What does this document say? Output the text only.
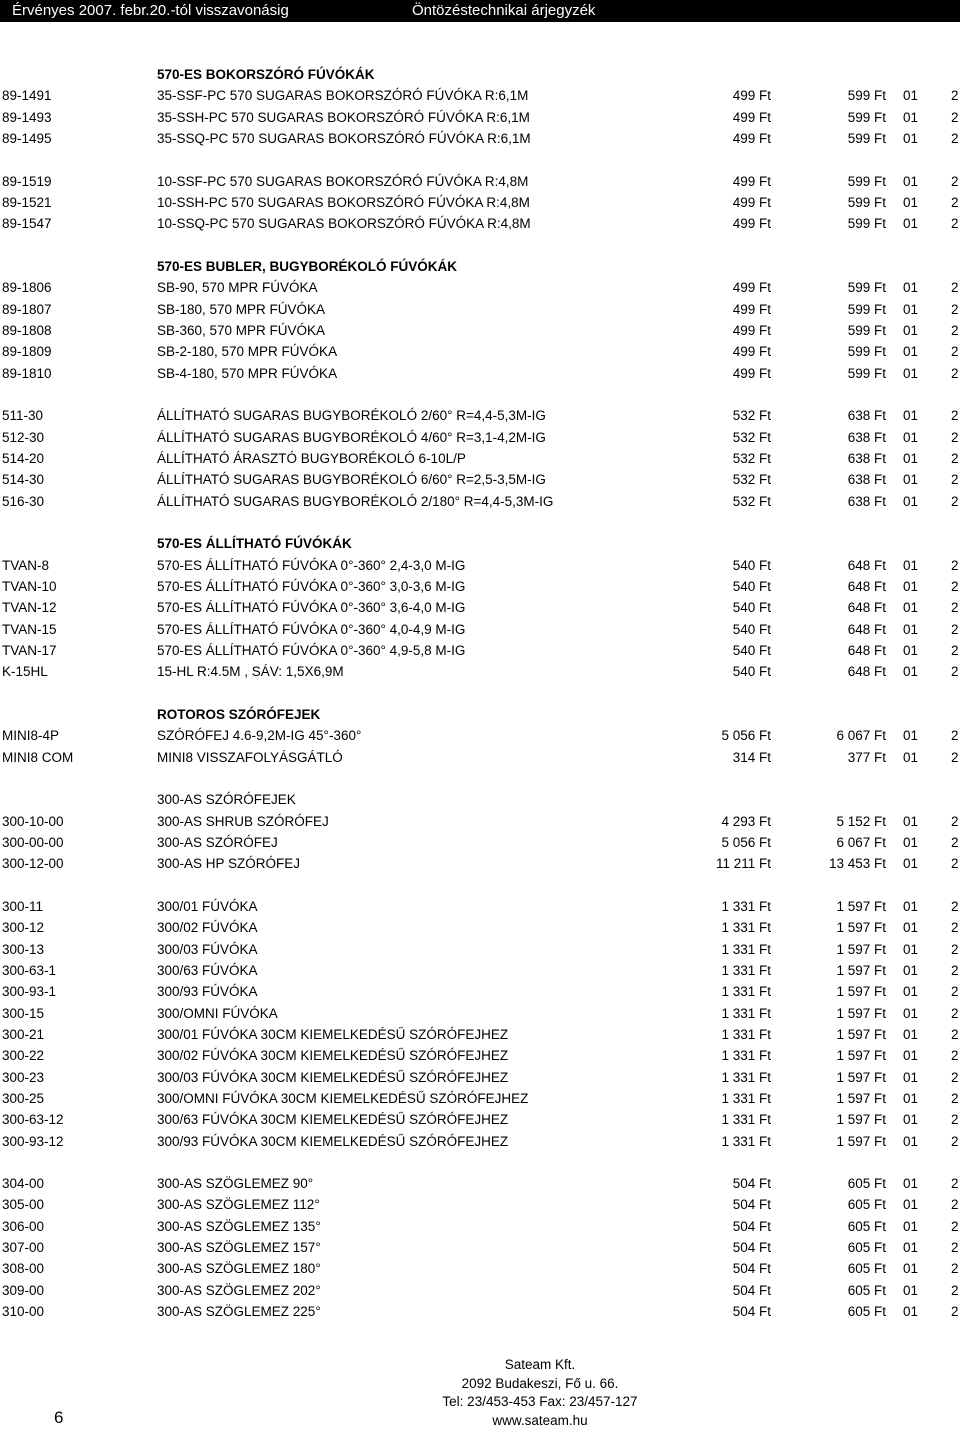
Érvényes 2007. febr.20.-tól visszavonásig	Öntözéstechnikai árjegyzék
570-ES BOKORSZÓRÓ FÚVÓKÁK
89-1491	35-SSF-PC 570 SUGARAS BOKORSZÓRÓ FÚVÓKA R:6,1M	499 Ft	599 Ft 01 2
89-1493	35-SSH-PC 570 SUGARAS BOKORSZÓRÓ FÚVÓKA R:6,1M	499 Ft	599 Ft 01 2
89-1495	35-SSQ-PC 570 SUGARAS BOKORSZÓRÓ FÚVÓKA R:6,1M	499 Ft	599 Ft 01 2
89-1519	10-SSF-PC 570 SUGARAS BOKORSZÓRÓ FÚVÓKA R:4,8M	499 Ft	599 Ft 01 2
89-1521	10-SSH-PC 570 SUGARAS BOKORSZÓRÓ FÚVÓKA R:4,8M	499 Ft	599 Ft 01 2
89-1547	10-SSQ-PC 570 SUGARAS BOKORSZÓRÓ FÚVÓKA R:4,8M	499 Ft	599 Ft 01 2
570-ES BUBLER, BUGYBORÉKOLÓ FÚVÓKÁK
89-1806	SB-90, 570 MPR FÚVÓKA	499 Ft	599 Ft 01 2
89-1807	SB-180, 570 MPR FÚVÓKA	499 Ft	599 Ft 01 2
89-1808	SB-360, 570 MPR FÚVÓKA	499 Ft	599 Ft 01 2
89-1809	SB-2-180, 570 MPR FÚVÓKA	499 Ft	599 Ft 01 2
89-1810	SB-4-180, 570 MPR FÚVÓKA	499 Ft	599 Ft 01 2
511-30	ÁLLÍTHATÓ SUGARAS BUGYBORÉKOLÓ 2/60° R=4,4-5,3M-IG	532 Ft	638 Ft 01 2
512-30	ÁLLÍTHATÓ SUGARAS BUGYBORÉKOLÓ 4/60° R=3,1-4,2M-IG	532 Ft	638 Ft 01 2
514-20	ÁLLÍTHATÓ ÁRASZTÓ BUGYBORÉKOLÓ 6-10L/P	532 Ft	638 Ft 01 2
514-30	ÁLLÍTHATÓ SUGARAS BUGYBORÉKOLÓ 6/60° R=2,5-3,5M-IG	532 Ft	638 Ft 01 2
516-30	ÁLLÍTHATÓ SUGARAS BUGYBORÉKOLÓ 2/180° R=4,4-5,3M-IG	532 Ft	638 Ft 01 2
570-ES ÁLLÍTHATÓ FÚVÓKÁK
TVAN-8	570-ES ÁLLÍTHATÓ FÚVÓKA 0°-360° 2,4-3,0 M-IG	540 Ft	648 Ft 01 2
TVAN-10	570-ES ÁLLÍTHATÓ FÚVÓKA 0°-360° 3,0-3,6 M-IG	540 Ft	648 Ft 01 2
TVAN-12	570-ES ÁLLÍTHATÓ FÚVÓKA 0°-360° 3,6-4,0 M-IG	540 Ft	648 Ft 01 2
TVAN-15	570-ES ÁLLÍTHATÓ FÚVÓKA 0°-360° 4,0-4,9 M-IG	540 Ft	648 Ft 01 2
TVAN-17	570-ES ÁLLÍTHATÓ FÚVÓKA 0°-360° 4,9-5,8 M-IG	540 Ft	648 Ft 01 2
K-15HL	15-HL R:4.5M , SÁV: 1,5X6,9M	540 Ft	648 Ft 01 2
ROTOROS SZÓRÓFEJEK
MINI8-4P	SZÓRÓFEJ 4.6-9,2M-IG 45°-360°	5 056 Ft	6 067 Ft 01 2
MINI8 COM	MINI8 VISSZAFOLYÁSGÁTLÓ	314 Ft	377 Ft 01 2
300-AS SZÓRÓFEJEK
300-10-00	300-AS SHRUB SZÓRÓFEJ	4 293 Ft	5 152 Ft 01 2
300-00-00	300-AS SZÓRÓFEJ	5 056 Ft	6 067 Ft 01 2
300-12-00	300-AS HP SZÓRÓFEJ	11 211 Ft	13 453 Ft 01 2
300-11	300/01 FÚVÓKA	1 331 Ft	1 597 Ft 01 2
300-12	300/02 FÚVÓKA	1 331 Ft	1 597 Ft 01 2
300-13	300/03 FÚVÓKA	1 331 Ft	1 597 Ft 01 2
300-63-1	300/63 FÚVÓKA	1 331 Ft	1 597 Ft 01 2
300-93-1	300/93 FÚVÓKA	1 331 Ft	1 597 Ft 01 2
300-15	300/OMNI FÚVÓKA	1 331 Ft	1 597 Ft 01 2
300-21	300/01 FÚVÓKA 30CM KIEMELKEDÉSŰ SZÓRÓFEJHEZ	1 331 Ft	1 597 Ft 01 2
300-22	300/02 FÚVÓKA 30CM KIEMELKEDÉSŰ SZÓRÓFEJHEZ	1 331 Ft	1 597 Ft 01 2
300-23	300/03 FÚVÓKA 30CM KIEMELKEDÉSŰ SZÓRÓFEJHEZ	1 331 Ft	1 597 Ft 01 2
300-25	300/OMNI FÚVÓKA 30CM KIEMELKEDÉSŰ SZÓRÓFEJHEZ	1 331 Ft	1 597 Ft 01 2
300-63-12	300/63 FÚVÓKA 30CM KIEMELKEDÉSŰ SZÓRÓFEJHEZ	1 331 Ft	1 597 Ft 01 2
300-93-12	300/93 FÚVÓKA 30CM KIEMELKEDÉSŰ SZÓRÓFEJHEZ	1 331 Ft	1 597 Ft 01 2
304-00	300-AS SZÖGLEMEZ 90°	504 Ft	605 Ft 01 2
305-00	300-AS SZÖGLEMEZ 112°	504 Ft	605 Ft 01 2
306-00	300-AS SZÖGLEMEZ 135°	504 Ft	605 Ft 01 2
307-00	300-AS SZÖGLEMEZ 157°	504 Ft	605 Ft 01 2
308-00	300-AS SZÖGLEMEZ 180°	504 Ft	605 Ft 01 2
309-00	300-AS SZÖGLEMEZ 202°	504 Ft	605 Ft 01 2
310-00	300-AS SZÖGLEMEZ 225°	504 Ft	605 Ft 01 2
6
Sateam Kft.
2092 Budakeszi, Fő u. 66.
Tel: 23/453-453 Fax: 23/457-127
www.sateam.hu
